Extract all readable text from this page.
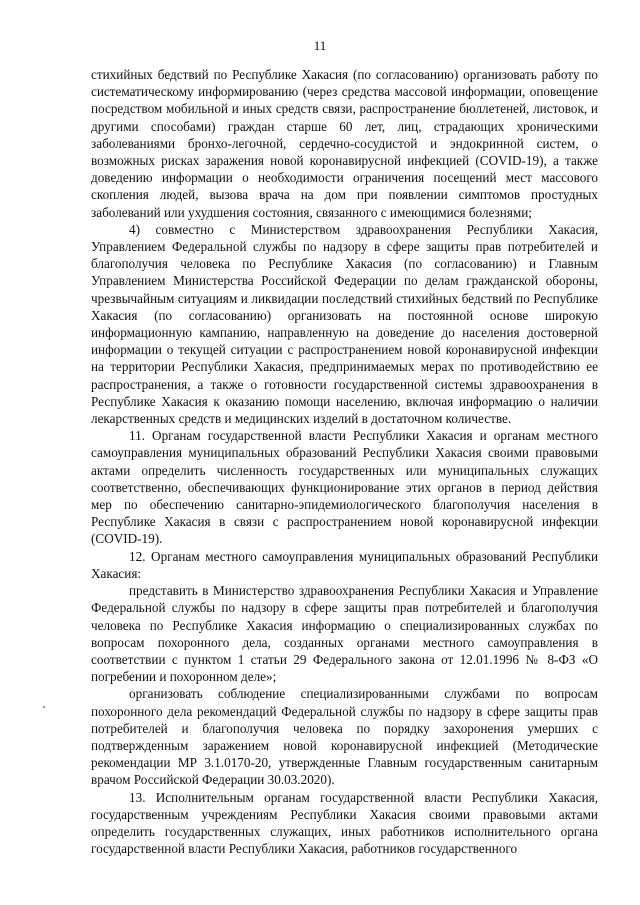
11

стихийных бедствий по Республике Хакасия (по согласованию) организовать работу по систематическому информированию (через средства массовой информации, оповещение посредством мобильной и иных средств связи, распространение бюллетеней, листовок, и другими способами) граждан старше 60 лет, лиц, страдающих хроническими заболеваниями бронхо-легочной, сердечно-сосудистой и эндокринной систем, о возможных рисках заражения новой коронавирусной инфекцией (COVID-19), а также доведению информации о необходимости ограничения посещений мест массового скопления людей, вызова врача на дом при появлении симптомов простудных заболеваний или ухудшения состояния, связанного с имеющимися болезнями;

4) совместно с Министерством здравоохранения Республики Хакасия, Управлением Федеральной службы по надзору в сфере защиты прав потребителей и благополучия человека по Республике Хакасия (по согласованию) и Главным Управлением Министерства Российской Федерации по делам гражданской обороны, чрезвычайным ситуациям и ликвидации последствий стихийных бедствий по Республике Хакасия (по согласованию) организовать на постоянной основе широкую информационную кампанию, направленную на доведение до населения достоверной информации о текущей ситуации с распространением новой коронавирусной инфекции на территории Республики Хакасия, предпринимаемых мерах по противодействию ее распространения, а также о готовности государственной системы здравоохранения в Республике Хакасия к оказанию помощи населению, включая информацию о наличии лекарственных средств и медицинских изделий в достаточном количестве.

11. Органам государственной власти Республики Хакасия и органам местного самоуправления муниципальных образований Республики Хакасия своими правовыми актами определить численность государственных или муниципальных служащих соответственно, обеспечивающих функционирование этих органов в период действия мер по обеспечению санитарно-эпидемиологического благополучия населения в Республике Хакасия в связи с распространением новой коронавирусной инфекции (COVID-19).

12. Органам местного самоуправления муниципальных образований Республики Хакасия:

представить в Министерство здравоохранения Республики Хакасия и Управление Федеральной службы по надзору в сфере защиты прав потребителей и благополучия человека по Республике Хакасия информацию о специализированных службах по вопросам похоронного дела, созданных органами местного самоуправления в соответствии с пунктом 1 статьи 29 Федерального закона от 12.01.1996 № 8-ФЗ «О погребении и похоронном деле»;

организовать соблюдение специализированными службами по вопросам похоронного дела рекомендаций Федеральной службы по надзору в сфере защиты прав потребителей и благополучия человека по порядку захоронения умерших с подтвержденным заражением новой коронавирусной инфекцией (Методические рекомендации МР 3.1.0170-20, утвержденные Главным государственным санитарным врачом Российской Федерации 30.03.2020).

13. Исполнительным органам государственной власти Республики Хакасия, государственным учреждениям Республики Хакасия своими правовыми актами определить государственных служащих, иных работников исполнительного органа государственной власти Республики Хакасия, работников государственного
